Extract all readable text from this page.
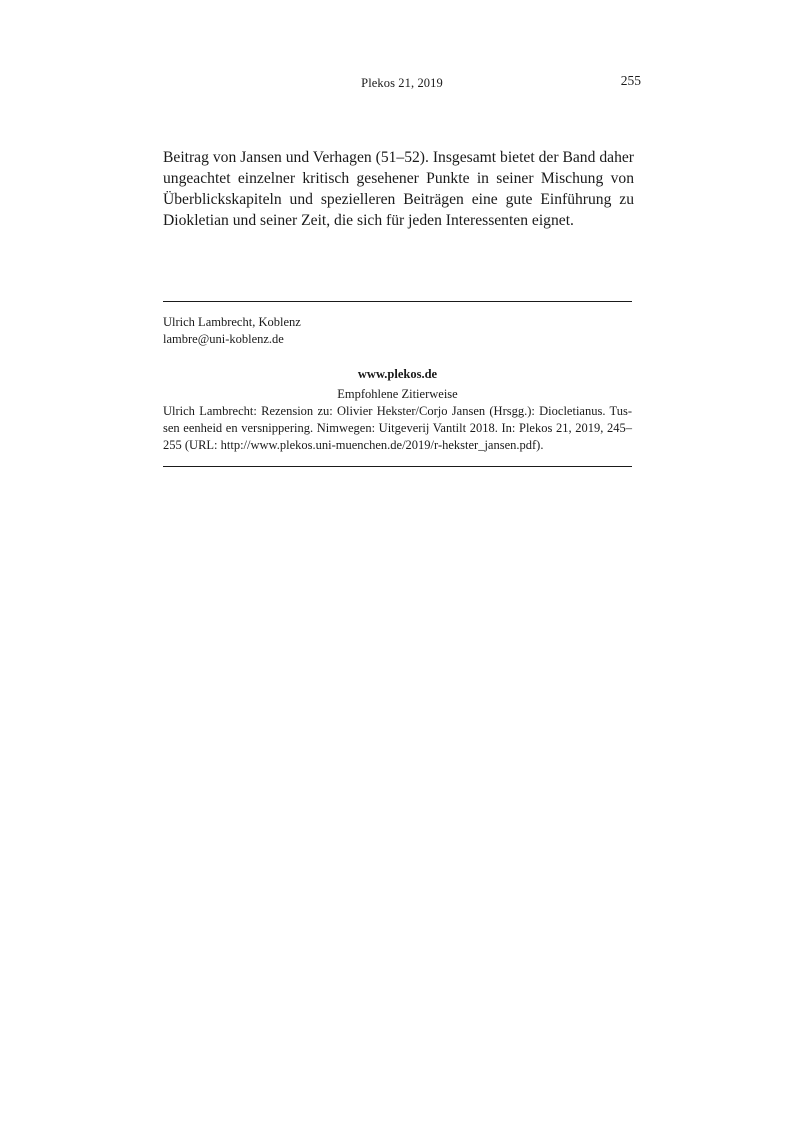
Plekos 21, 2019	255

Beitrag von Jansen und Verhagen (51–52). Insgesamt bietet der Band daher ungeachtet einzelner kritisch gesehener Punkte in seiner Mischung von Überblickskapiteln und spezielleren Beiträgen eine gute Einführung zu Diokletian und seiner Zeit, die sich für jeden Interessenten eignet.

Ulrich Lambrecht, Koblenz
lambre@uni-koblenz.de
www.plekos.de
Empfohlene Zitierweise

Ulrich Lambrecht: Rezension zu: Olivier Hekster/Corjo Jansen (Hrsgg.): Diocletianus. Tussen eenheid en versnippering. Nimwegen: Uitgeverij Vantilt 2018. In: Plekos 21, 2019, 245–255 (URL: http://www.plekos.uni-muenchen.de/2019/r-hekster_jansen.pdf).
